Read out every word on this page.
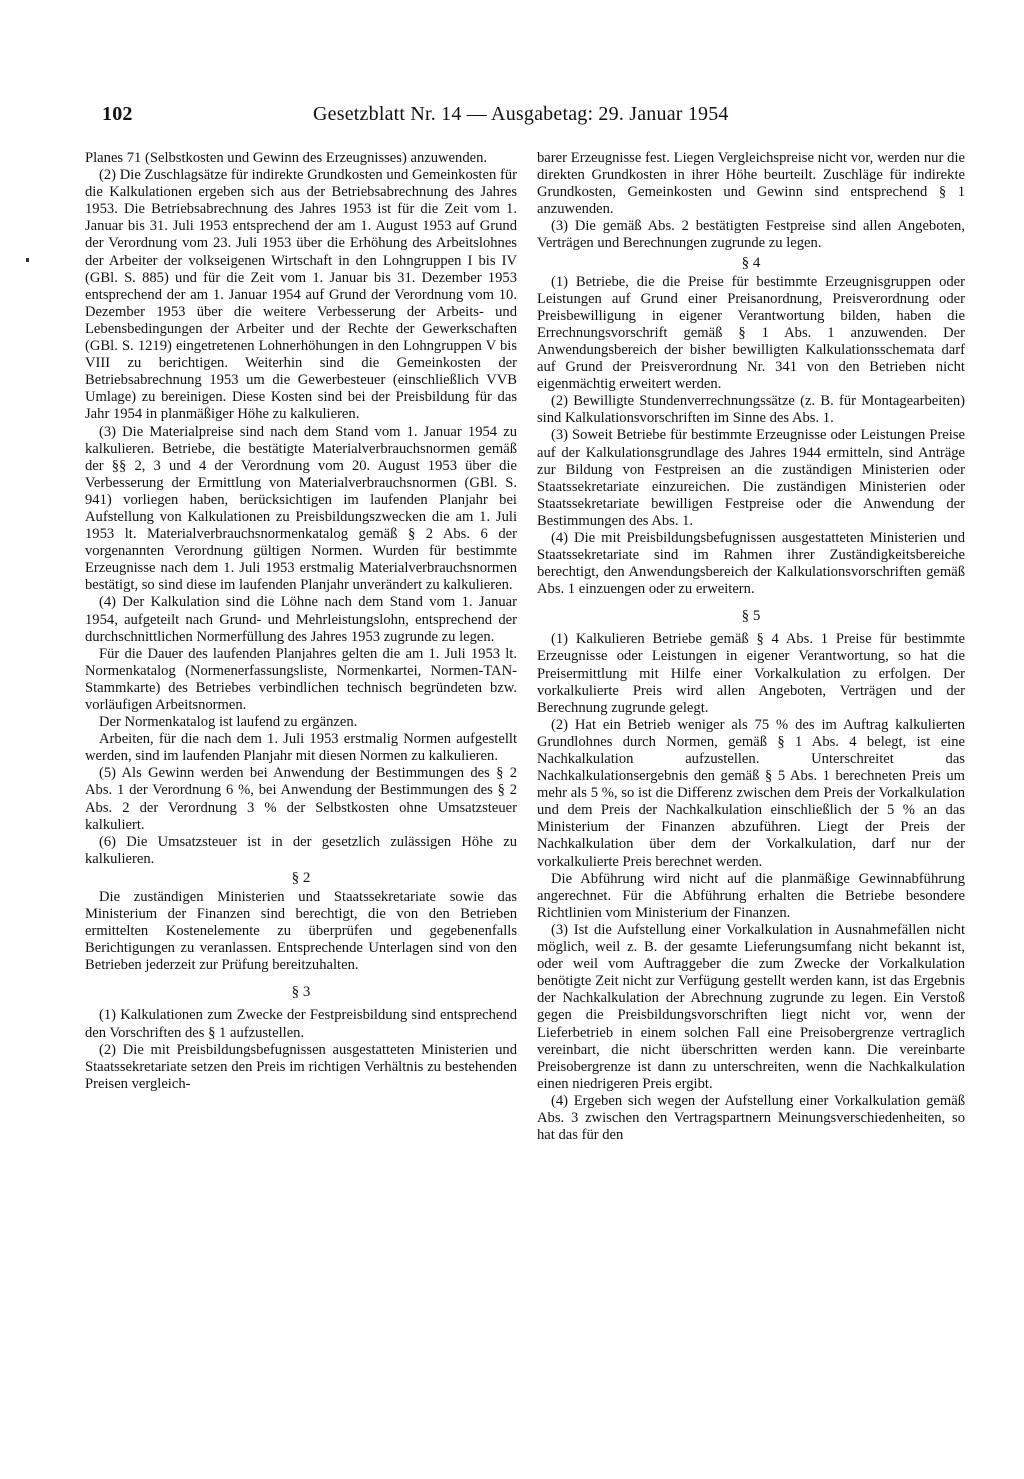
102	Gesetzblatt Nr. 14 — Ausgabetag: 29. Januar 1954

Planes 71 (Selbstkosten und Gewinn des Erzeugnisses) anzuwenden.

(2) Die Zuschlagsätze für indirekte Grundkosten und Gemeinkosten für die Kalkulationen ergeben sich aus der Betriebsabrechnung des Jahres 1953. Die Betriebsabrechnung des Jahres 1953 ist für die Zeit vom 1. Januar bis 31. Juli 1953 entsprechend der am 1. August 1953 auf Grund der Verordnung vom 23. Juli 1953 über die Erhöhung des Arbeitslohnes der Arbeiter der volkseigenen Wirtschaft in den Lohngruppen I bis IV (GBl. S. 885) und für die Zeit vom 1. Januar bis 31. Dezember 1953 entsprechend der am 1. Januar 1954 auf Grund der Verordnung vom 10. Dezember 1953 über die weitere Verbesserung der Arbeits- und Lebensbedingungen der Arbeiter und der Rechte der Gewerkschaften (GBl. S. 1219) eingetretenen Lohnerhöhungen in den Lohngruppen V bis VIII zu berichtigen. Weiterhin sind die Gemeinkosten der Betriebsabrechnung 1953 um die Gewerbesteuer (einschließlich VVB Umlage) zu bereinigen. Diese Kosten sind bei der Preisbildung für das Jahr 1954 in planmäßiger Höhe zu kalkulieren.

(3) Die Materialpreise sind nach dem Stand vom 1. Januar 1954 zu kalkulieren. Betriebe, die bestätigte Materialverbrauchsnormen gemäß der §§ 2, 3 und 4 der Verordnung vom 20. August 1953 über die Verbesserung der Ermittlung von Materialverbrauchsnormen (GBl. S. 941) vorliegen haben, berücksichtigen im laufenden Planjahr bei Aufstellung von Kalkulationen zu Preisbildungszwecken die am 1. Juli 1953 lt. Materialverbrauchsnormenkatalog gemäß § 2 Abs. 6 der vorgenannten Verordnung gültigen Normen. Wurden für bestimmte Erzeugnisse nach dem 1. Juli 1953 erstmalig Materialverbrauchsnormen bestätigt, so sind diese im laufenden Planjahr unverändert zu kalkulieren.

(4) Der Kalkulation sind die Löhne nach dem Stand vom 1. Januar 1954, aufgeteilt nach Grund- und Mehrleistungslohn, entsprechend der durchschnittlichen Normerfüllung des Jahres 1953 zugrunde zu legen.

Für die Dauer des laufenden Planjahres gelten die am 1. Juli 1953 lt. Normenkatalog (Normenerfassungsliste, Normenkartei, Normen-TAN-Stammkarte) des Betriebes verbindlichen technisch begründeten bzw. vorläufigen Arbeitsnormen.

Der Normenkatalog ist laufend zu ergänzen.

Arbeiten, für die nach dem 1. Juli 1953 erstmalig Normen aufgestellt werden, sind im laufenden Planjahr mit diesen Normen zu kalkulieren.

(5) Als Gewinn werden bei Anwendung der Bestimmungen des § 2 Abs. 1 der Verordnung 6 %, bei Anwendung der Bestimmungen des § 2 Abs. 2 der Verordnung 3 % der Selbstkosten ohne Umsatzsteuer kalkuliert.

(6) Die Umsatzsteuer ist in der gesetzlich zulässigen Höhe zu kalkulieren.

§ 2

Die zuständigen Ministerien und Staatssekretariate sowie das Ministerium der Finanzen sind berechtigt, die von den Betrieben ermittelten Kostenelemente zu überprüfen und gegebenenfalls Berichtigungen zu veranlassen. Entsprechende Unterlagen sind von den Betrieben jederzeit zur Prüfung bereitzuhalten.

§ 3

(1) Kalkulationen zum Zwecke der Festpreisbildung sind entsprechend den Vorschriften des § 1 aufzustellen.

(2) Die mit Preisbildungsbefugnissen ausgestatteten Ministerien und Staatssekretariate setzen den Preis im richtigen Verhältnis zu bestehenden Preisen vergleich-

barer Erzeugnisse fest. Liegen Vergleichspreise nicht vor, werden nur die direkten Grundkosten in ihrer Höhe beurteilt. Zuschläge für indirekte Grundkosten, Gemeinkosten und Gewinn sind entsprechend § 1 anzuwenden.

(3) Die gemäß Abs. 2 bestätigten Festpreise sind allen Angeboten, Verträgen und Berechnungen zugrunde zu legen.

§ 4

(1) Betriebe, die die Preise für bestimmte Erzeugnisgruppen oder Leistungen auf Grund einer Preisanordnung, Preisverordnung oder Preisbewilligung in eigener Verantwortung bilden, haben die Errechnungsvorschrift gemäß § 1 Abs. 1 anzuwenden. Der Anwendungsbereich der bisher bewilligten Kalkulationsschemata darf auf Grund der Preisverordnung Nr. 341 von den Betrieben nicht eigenmächtig erweitert werden.

(2) Bewilligte Stundenverrechnungssätze (z. B. für Montagearbeiten) sind Kalkulationsvorschriften im Sinne des Abs. 1.

(3) Soweit Betriebe für bestimmte Erzeugnisse oder Leistungen Preise auf der Kalkulationsgrundlage des Jahres 1944 ermitteln, sind Anträge zur Bildung von Festpreisen an die zuständigen Ministerien oder Staatssekretariate einzureichen. Die zuständigen Ministerien oder Staatssekretariate bewilligen Festpreise oder die Anwendung der Bestimmungen des Abs. 1.

(4) Die mit Preisbildungsbefugnissen ausgestatteten Ministerien und Staatssekretariate sind im Rahmen ihrer Zuständigkeitsbereiche berechtigt, den Anwendungsbereich der Kalkulationsvorschriften gemäß Abs. 1 einzuengen oder zu erweitern.

§ 5

(1) Kalkulieren Betriebe gemäß § 4 Abs. 1 Preise für bestimmte Erzeugnisse oder Leistungen in eigener Verantwortung, so hat die Preisermittlung mit Hilfe einer Vorkalkulation zu erfolgen. Der vorkalkulierte Preis wird allen Angeboten, Verträgen und der Berechnung zugrunde gelegt.

(2) Hat ein Betrieb weniger als 75 % des im Auftrag kalkulierten Grundlohnes durch Normen, gemäß § 1 Abs. 4 belegt, ist eine Nachkalkulation aufzustellen. Unterschreitet das Nachkalkulationsergebnis den gemäß § 5 Abs. 1 berechneten Preis um mehr als 5 %, so ist die Differenz zwischen dem Preis der Vorkalkulation und dem Preis der Nachkalkulation einschließlich der 5 % an das Ministerium der Finanzen abzuführen. Liegt der Preis der Nachkalkulation über dem der Vorkalkulation, darf nur der vorkalkulierte Preis berechnet werden.

Die Abführung wird nicht auf die planmäßige Gewinnabführung angerechnet. Für die Abführung erhalten die Betriebe besondere Richtlinien vom Ministerium der Finanzen.

(3) Ist die Aufstellung einer Vorkalkulation in Ausnahmefällen nicht möglich, weil z. B. der gesamte Lieferungsumfang nicht bekannt ist, oder weil vom Auftraggeber die zum Zwecke der Vorkalkulation benötigte Zeit nicht zur Verfügung gestellt werden kann, ist das Ergebnis der Nachkalkulation der Abrechnung zugrunde zu legen. Ein Verstoß gegen die Preisbildungsvorschriften liegt nicht vor, wenn der Lieferbetrieb in einem solchen Fall eine Preisobergrenze vertraglich vereinbart, die nicht überschritten werden kann. Die vereinbarte Preisobergrenze ist dann zu unterschreiten, wenn die Nachkalkulation einen niedrigeren Preis ergibt.

(4) Ergeben sich wegen der Aufstellung einer Vorkalkulation gemäß Abs. 3 zwischen den Vertragspartnern Meinungsverschiedenheiten, so hat das für den
